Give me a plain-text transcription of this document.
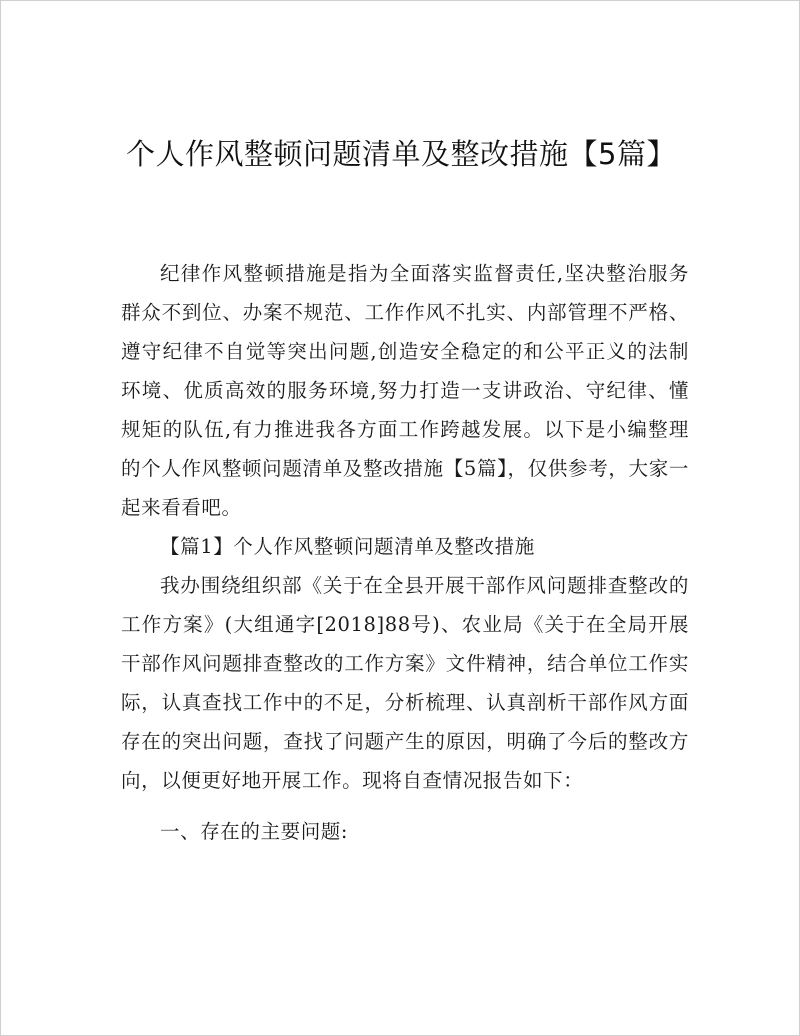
个人作风整顿问题清单及整改措施【5篇】

纪律作风整顿措施是指为全面落实监督责任,坚决整治服务群众不到位、办案不规范、工作作风不扎实、内部管理不严格、遵守纪律不自觉等突出问题,创造安全稳定的和公平正义的法制环境、优质高效的服务环境,努力打造一支讲政治、守纪律、懂规矩的队伍,有力推进我各方面工作跨越发展。以下是小编整理的个人作风整顿问题清单及整改措施【5篇】，仅供参考，大家一起来看看吧。

【篇1】个人作风整顿问题清单及整改措施

我办围绕组织部《关于在全县开展干部作风问题排查整改的工作方案》(大组通字[2018]88号)、农业局《关于在全局开展干部作风问题排查整改的工作方案》文件精神，结合单位工作实际，认真查找工作中的不足，分析梳理、认真剖析干部作风方面存在的突出问题，查找了问题产生的原因，明确了今后的整改方向，以便更好地开展工作。现将自查情况报告如下：

一、存在的主要问题:
